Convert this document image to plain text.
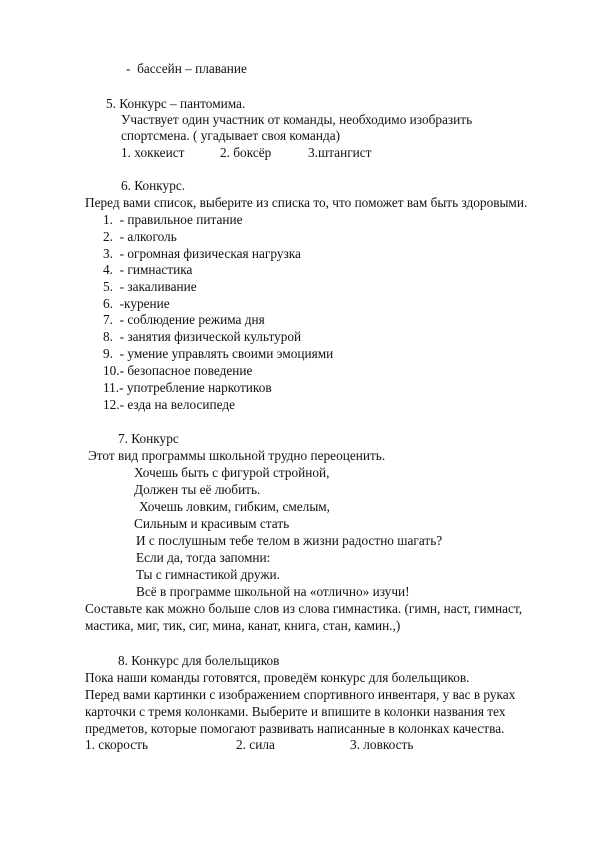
-  бассейн – плавание
5. Конкурс – пантомима.
Участвует один участник от команды, необходимо изобразить
спортсмена. ( угадывает своя команда)
1. хоккеист	2. боксёр	3.штангист
6. Конкурс.
Перед вами список, выберите из списка то, что поможет вам быть здоровыми.
1.  - правильное питание
2.  - алкоголь
3.  - огромная физическая нагрузка
4.  - гимнастика
5.  - закаливание
6.  -курение
7.  - соблюдение режима дня
8.  - занятия физической культурой
9.  - умение управлять своими эмоциями
10.- безопасное поведение
11.- употребление наркотиков
12.- езда на велосипеде
7. Конкурс
Этот вид программы школьной трудно переоценить.
Хочешь быть с фигурой стройной,
Должен ты её любить.
Хочешь ловким, гибким, смелым,
Сильным и красивым стать
И с послушным тебе телом в жизни радостно шагать?
Если да, тогда запомни:
Ты с гимнастикой дружи.
Всё в программе школьной на «отлично» изучи!
Составьте как можно больше слов из слова гимнастика. (гимн, наст, гимнаст,
мастика, миг, тик, сиг, мина, канат, книга, стан, камин.,)
8. Конкурс для болельщиков
Пока наши команды готовятся, проведём конкурс для болельщиков.
Перед вами картинки с изображением спортивного инвентаря, у вас в руках
карточки с тремя колонками. Выберите и впишите в колонки названия тех
предметов, которые помогают развивать написанные в колонках качества.
1. скорость	2. сила	3. ловкость
